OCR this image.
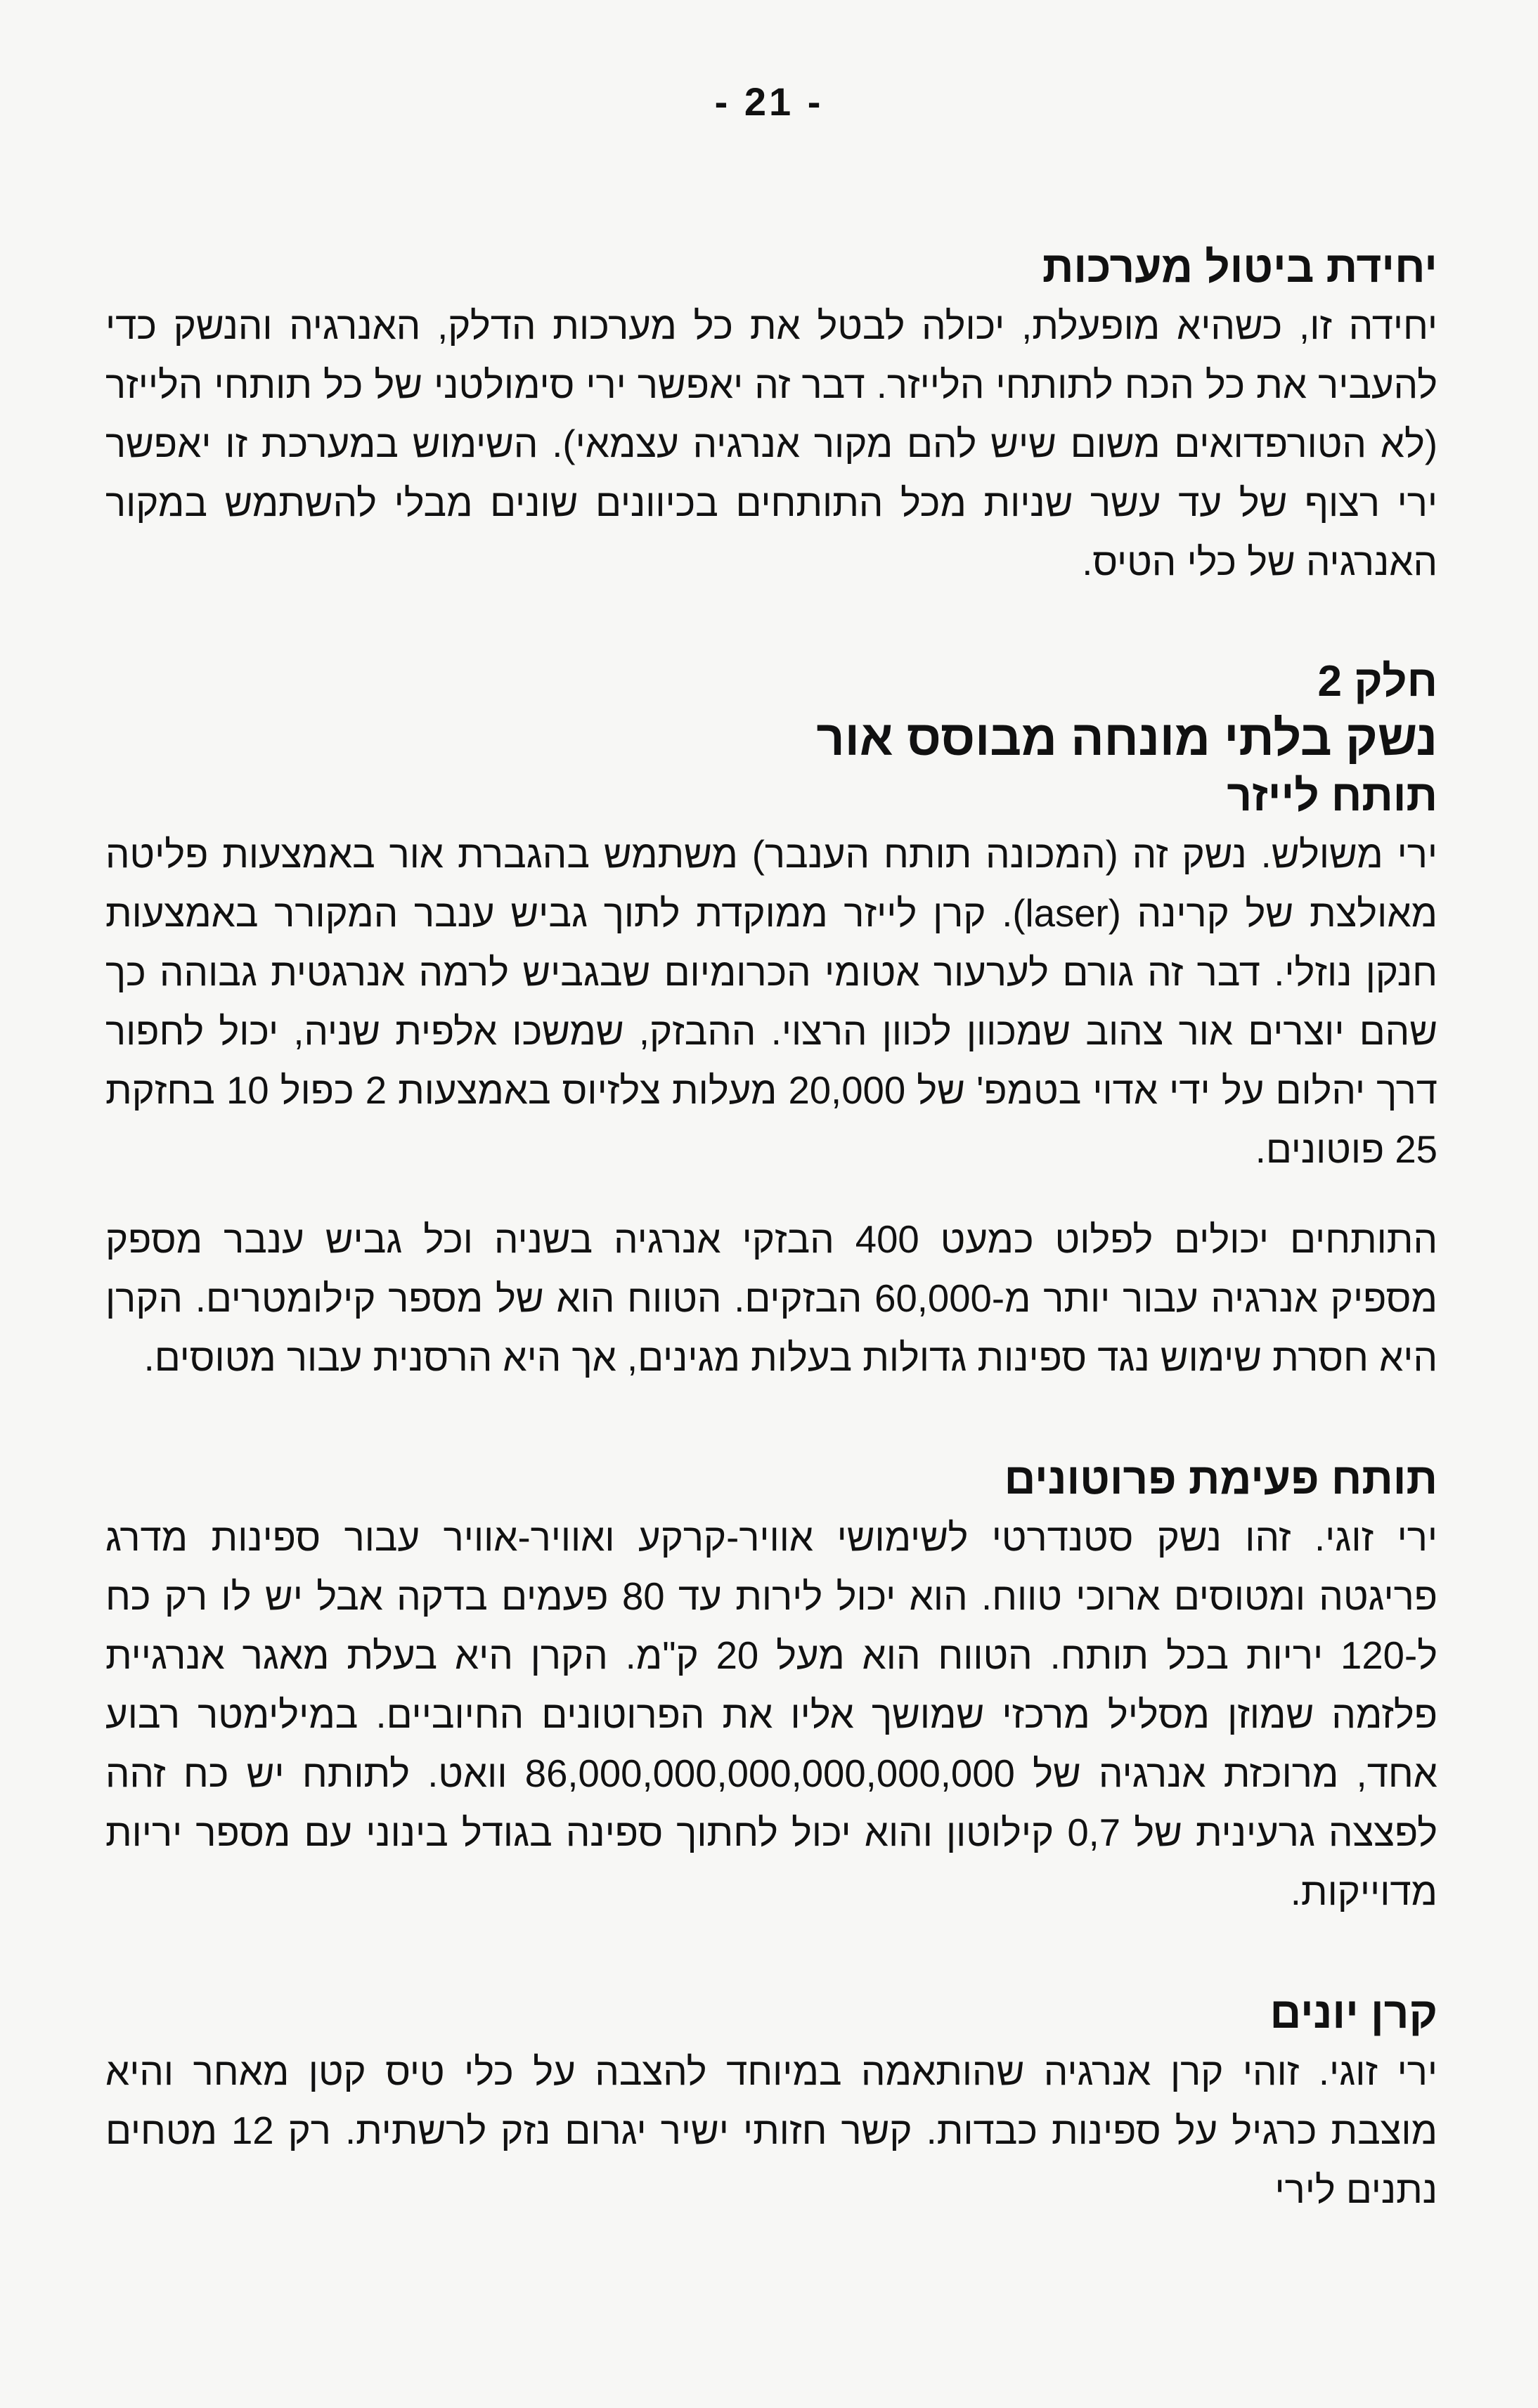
- 21 -
יחידת ביטול מערכות

יחידה זו, כשהיא מופעלת, יכולה לבטל את כל מערכות הדלק, האנרגיה והנשק כדי להעביר את כל הכח לתותחי הלייזר. דבר זה יאפשר ירי סימולטני של כל תותחי הלייזר (לא הטורפדואים משום שיש להם מקור אנרגיה עצמאי). השימוש במערכת זו יאפשר ירי רצוף של עד עשר שניות מכל התותחים בכיוונים שונים מבלי להשתמש במקור האנרגיה של כלי הטיס.

חלק 2
נשק בלתי מונחה מבוסס אור
תותח לייזר

ירי משולש. נשק זה (המכונה תותח הענבר) משתמש בהגברת אור באמצעות פליטה מאולצת של קרינה (laser). קרן לייזר ממוקדת לתוך גביש ענבר המקורר באמצעות חנקן נוזלי. דבר זה גורם לערעור אטומי הכרומיום שבגביש לרמה אנרגטית גבוהה כך שהם יוצרים אור צהוב שמכוון לכוון הרצוי. ההבזק, שמשכו אלפית שניה, יכול לחפור דרך יהלום על ידי אדוי בטמפ' של 20,000 מעלות צלזיוס באמצעות 2 כפול 10 בחזקת 25 פוטונים.

התותחים יכולים לפלוט כמעט 400 הבזקי אנרגיה בשניה וכל גביש ענבר מספק מספיק אנרגיה עבור יותר מ-60,000 הבזקים. הטווח הוא של מספר קילומטרים. הקרן היא חסרת שימוש נגד ספינות גדולות בעלות מגינים, אך היא הרסנית עבור מטוסים.

תותח פעימת פרוטונים

ירי זוגי. זהו נשק סטנדרטי לשימושי אוויר-קרקע ואוויר-אוויר עבור ספינות מדרג פריגטה ומטוסים ארוכי טווח. הוא יכול לירות עד 80 פעמים בדקה אבל יש לו רק כח ל-120 יריות בכל תותח. הטווח הוא מעל 20 ק"מ. הקרן היא בעלת מאגר אנרגיית פלזמה שמוזן מסליל מרכזי שמושך אליו את הפרוטונים החיוביים. במילימטר רבוע אחד, מרוכזת אנרגיה של 86,000,000,000,000,000,000 וואט. לתותח יש כח זהה לפצצה גרעינית של 0,7 קילוטון והוא יכול לחתוך ספינה בגודל בינוני עם מספר יריות מדוייקות.

קרן יונים

ירי זוגי. זוהי קרן אנרגיה שהותאמה במיוחד להצבה על כלי טיס קטן מאחר והיא מוצבת כרגיל על ספינות כבדות. קשר חזותי ישיר יגרום נזק לרשתית. רק 12 מטחים נתנים לירי
